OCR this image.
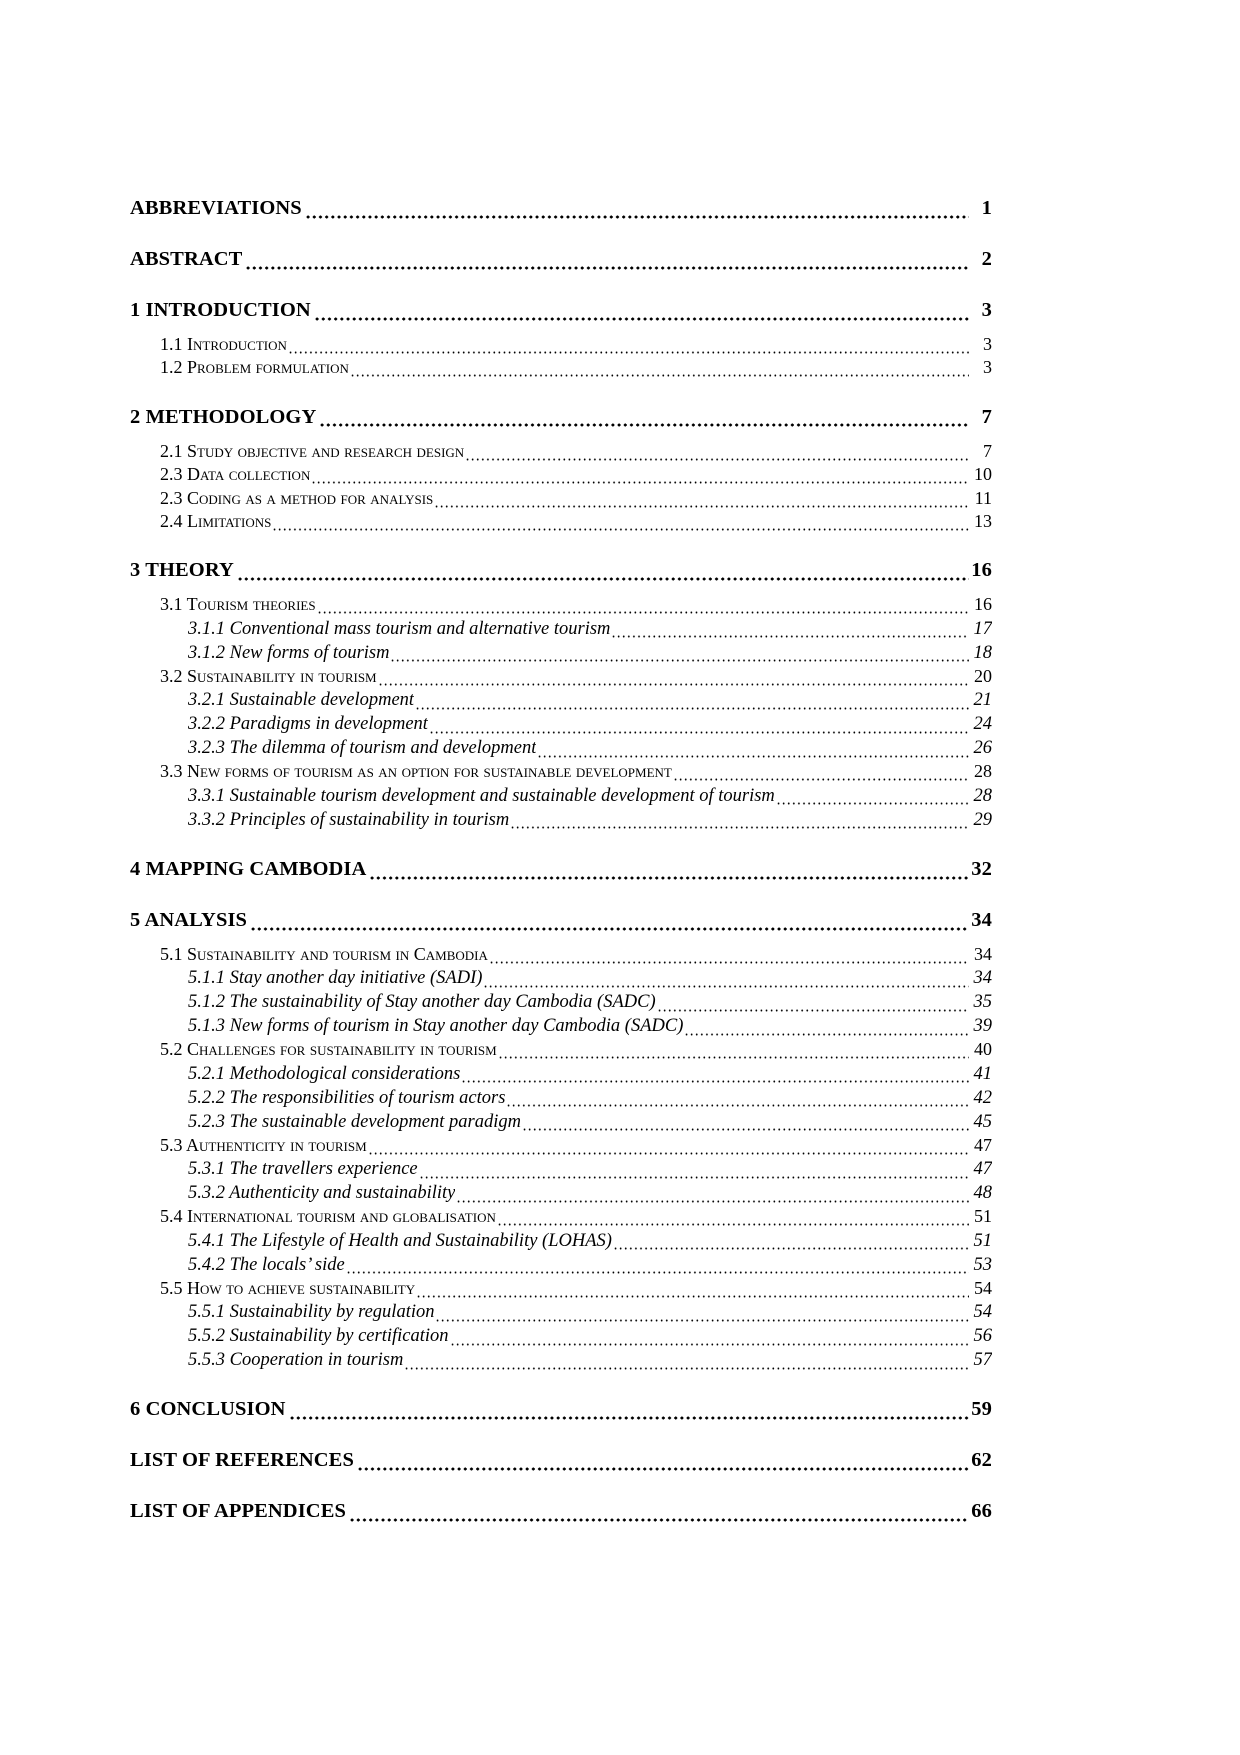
ABBREVIATIONS	1
ABSTRACT	2
1 INTRODUCTION	3
1.1 Introduction	3
1.2 Problem formulation	3
2 METHODOLOGY	7
2.1 Study objective and research design	7
2.3 Data collection	10
2.3 Coding as a method for analysis	11
2.4 Limitations	13
3 THEORY	16
3.1 Tourism theories	16
3.1.1 Conventional mass tourism and alternative tourism	17
3.1.2 New forms of tourism	18
3.2 Sustainability in tourism	20
3.2.1 Sustainable development	21
3.2.2 Paradigms in development	24
3.2.3 The dilemma of tourism and development	26
3.3 New forms of tourism as an option for sustainable development	28
3.3.1 Sustainable tourism development and sustainable development of tourism	28
3.3.2 Principles of sustainability in tourism	29
4 MAPPING CAMBODIA	32
5 ANALYSIS	34
5.1 Sustainability and tourism in Cambodia	34
5.1.1 Stay another day initiative (SADI)	34
5.1.2 The sustainability of Stay another day Cambodia (SADC)	35
5.1.3 New forms of tourism in Stay another day Cambodia (SADC)	39
5.2 Challenges for sustainability in tourism	40
5.2.1 Methodological considerations	41
5.2.2 The responsibilities of tourism actors	42
5.2.3 The sustainable development paradigm	45
5.3 Authenticity in tourism	47
5.3.1 The travellers experience	47
5.3.2 Authenticity and sustainability	48
5.4 International tourism and globalisation	51
5.4.1 The Lifestyle of Health and Sustainability (LOHAS)	51
5.4.2 The locals’ side	53
5.5 How to achieve sustainability	54
5.5.1 Sustainability by regulation	54
5.5.2 Sustainability by certification	56
5.5.3 Cooperation in tourism	57
6 CONCLUSION	59
LIST OF REFERENCES	62
LIST OF APPENDICES	66
